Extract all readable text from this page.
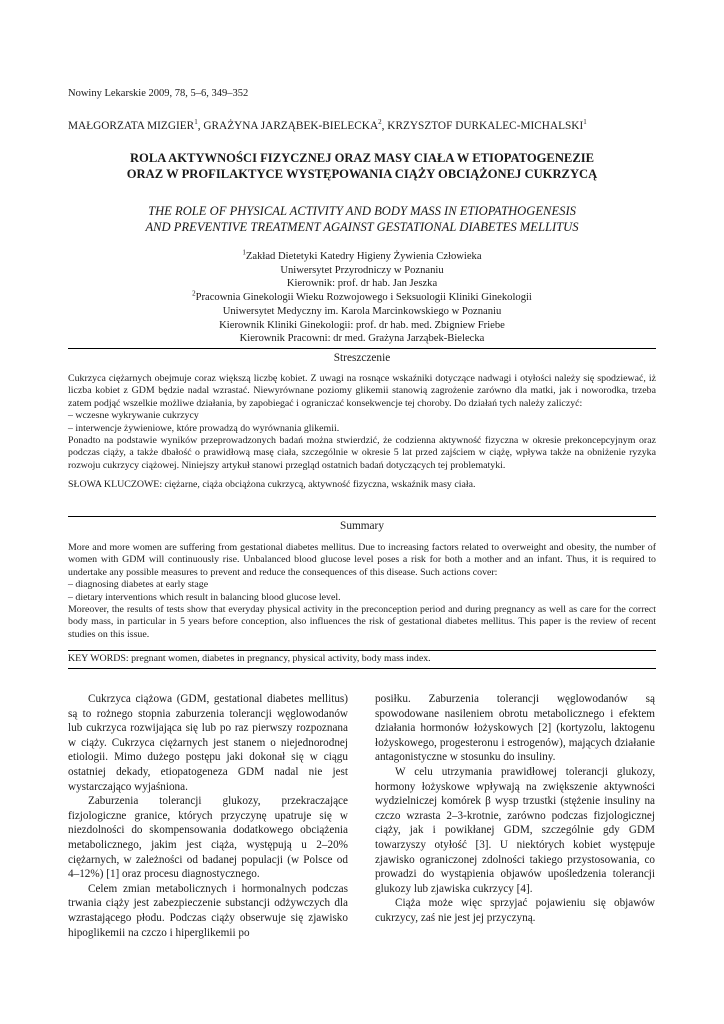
Nowiny Lekarskie 2009, 78, 5–6, 349–352
MAŁGORZATA MIZGIER$^1$, GRAŻYNA JARZĄBEK-BIELECKA$^2$, KRZYSZTOF DURKALEC-MICHALSKI$^1$
ROLA AKTYWNOŚCI FIZYCZNEJ ORAZ MASY CIAŁA W ETIOPATOGENEZIE
ORAZ W PROFILAKTYCE WYSTĘPOWANIA CIĄŻY OBCIĄŻONEJ CUKRZYCĄ
THE ROLE OF PHYSICAL ACTIVITY AND BODY MASS IN ETIOPATHOGENESIS
AND PREVENTIVE TREATMENT AGAINST GESTATIONAL DIABETES MELLITUS
$^1$Zakład Dietetyki Katedry Higieny Żywienia Człowieka
Uniwersytet Przyrodniczy w Poznaniu
Kierownik: prof. dr hab. Jan Jeszka
$^2$Pracownia Ginekologii Wieku Rozwojowego i Seksuologii Kliniki Ginekologii
Uniwersytet Medyczny im. Karola Marcinkowskiego w Poznaniu
Kierownik Kliniki Ginekologii: prof. dr hab. med. Zbigniew Friebe
Kierownik Pracowni: dr med. Grażyna Jarząbek-Bielecka
Streszczenie

Cukrzyca ciężarnych obejmuje coraz większą liczbę kobiet. Z uwagi na rosnące wskaźniki dotyczące nadwagi i otyłości należy się spodziewać, iż liczba kobiet z GDM będzie nadal wzrastać. Niewyrównane poziomy glikemii stanowią zagrożenie zarówno dla matki, jak i noworodka, trzeba zatem podjąć wszelkie możliwe działania, by zapobiegać i ograniczać konsekwencje tej choroby. Do działań tych należy zaliczyć:

– wczesne wykrywanie cukrzycy

– interwencje żywieniowe, które prowadzą do wyrównania glikemii.

Ponadto na podstawie wyników przeprowadzonych badań można stwierdzić, że codzienna aktywność fizyczna w okresie prekoncepcyjnym oraz podczas ciąży, a także dbałość o prawidłową masę ciała, szczególnie w okresie 5 lat przed zajściem w ciążę, wpływa także na obniżenie ryzyka rozwoju cukrzycy ciążowej. Niniejszy artykuł stanowi przegląd ostatnich badań dotyczących tej problematyki.

SŁOWA KLUCZOWE: ciężarne, ciąża obciążona cukrzycą, aktywność fizyczna, wskaźnik masy ciała.

Summary

More and more women are suffering from gestational diabetes mellitus. Due to increasing factors related to overweight and obesity, the number of women with GDM will continuously rise. Unbalanced blood glucose level poses a risk for both a mother and an infant. Thus, it is required to undertake any possible measures to prevent and reduce the consequences of this disease. Such actions cover:

– diagnosing diabetes at early stage

– dietary interventions which result in balancing blood glucose level.

Moreover, the results of tests show that everyday physical activity in the preconception period and during pregnancy as well as care for the correct body mass, in particular in 5 years before conception, also influences the risk of gestational diabetes mellitus. This paper is the review of recent studies on this issue.

KEY WORDS: pregnant women, diabetes in pregnancy, physical activity, body mass index.

Cukrzyca ciążowa (GDM, gestational diabetes mellitus) są to rożnego stopnia zaburzenia tolerancji węglowodanów lub cukrzyca rozwijająca się lub po raz pierwszy rozpoznana w ciąży. Cukrzyca ciężarnych jest stanem o niejednorodnej etiologii. Mimo dużego postępu jaki dokonał się w ciągu ostatniej dekady, etiopatogeneza GDM nadal nie jest wystarczająco wyjaśniona.

Zaburzenia tolerancji glukozy, przekraczające fizjologiczne granice, których przyczynę upatruje się w niezdolności do skompensowania dodatkowego obciążenia metabolicznego, jakim jest ciąża, występują u 2–20% ciężarnych, w zależności od badanej populacji (w Polsce od 4–12%) [1] oraz procesu diagnostycznego.

Celem zmian metabolicznych i hormonalnych podczas trwania ciąży jest zabezpieczenie substancji odżywczych dla wzrastającego płodu. Podczas ciąży obserwuje się zjawisko hipoglikemii na czczo i hiperglikemii po

posiłku. Zaburzenia tolerancji węglowodanów są spowodowane nasileniem obrotu metabolicznego i efektem działania hormonów łożyskowych [2] (kortyzolu, laktogenu łożyskowego, progesteronu i estrogenów), mających działanie antagonistyczne w stosunku do insuliny.

W celu utrzymania prawidłowej tolerancji glukozy, hormony łożyskowe wpływają na zwiększenie aktywności wydzielniczej komórek β wysp trzustki (stężenie insuliny na czczo wzrasta 2–3-krotnie, zarówno podczas fizjologicznej ciąży, jak i powikłanej GDM, szczególnie gdy GDM towarzyszy otyłość [3]. U niektórych kobiet występuje zjawisko ograniczonej zdolności takiego przystosowania, co prowadzi do wystąpienia objawów upośledzenia tolerancji glukozy lub zjawiska cukrzycy [4].

Ciąża może więc sprzyjać pojawieniu się objawów cukrzycy, zaś nie jest jej przyczyną.
